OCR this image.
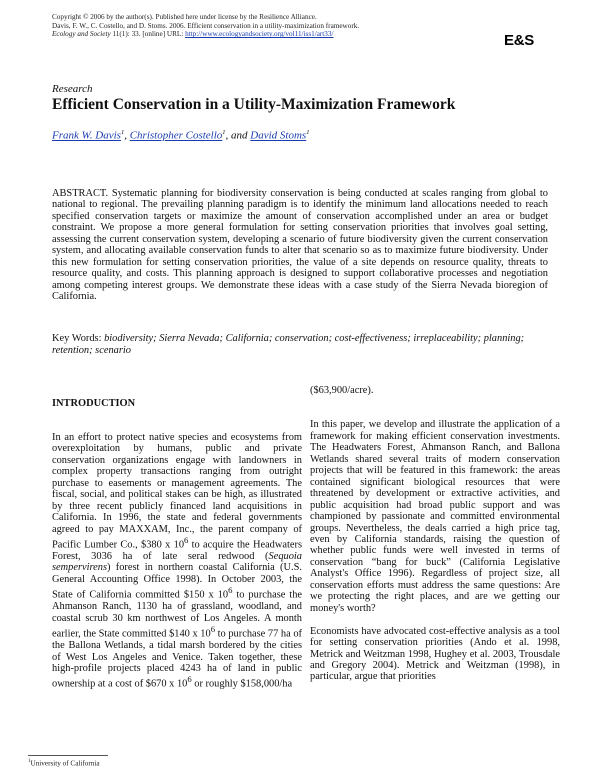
Copyright © 2006 by the author(s). Published here under license by the Resilience Alliance.
Davis, F. W., C. Costello, and D. Stoms. 2006. Efficient conservation in a utility-maximization framework.
Ecology and Society 11(1): 33. [online] URL: http://www.ecologyandsociety.org/vol11/iss1/art33/	E&S
Research
Efficient Conservation in a Utility-Maximization Framework
Frank W. Davis$^1$, Christopher Costello$^1$, and David Stoms$^1$
ABSTRACT. Systematic planning for biodiversity conservation is being conducted at scales ranging from global to national to regional. The prevailing planning paradigm is to identify the minimum land allocations needed to reach specified conservation targets or maximize the amount of conservation accomplished under an area or budget constraint. We propose a more general formulation for setting conservation priorities that involves goal setting, assessing the current conservation system, developing a scenario of future biodiversity given the current conservation system, and allocating available conservation funds to alter that scenario so as to maximize future biodiversity. Under this new formulation for setting conservation priorities, the value of a site depends on resource quality, threats to resource quality, and costs. This planning approach is designed to support collaborative processes and negotiation among competing interest groups. We demonstrate these ideas with a case study of the Sierra Nevada bioregion of California.
Key Words: biodiversity; Sierra Nevada; California; conservation; cost-effectiveness; irreplaceability; planning; retention; scenario
INTRODUCTION

In an effort to protect native species and ecosystems from overexploitation by humans, public and private conservation organizations engage with landowners in complex property transactions ranging from outright purchase to easements or management agreements. The fiscal, social, and political stakes can be high, as illustrated by three recent publicly financed land acquisitions in California. In 1996, the state and federal governments agreed to pay MAXXAM, Inc., the parent company of Pacific Lumber Co., $380 x $10^6$ to acquire the Headwaters Forest, 3036 ha of late seral redwood (Sequoia sempervirens) forest in northern coastal California (U.S. General Accounting Office 1998). In October 2003, the State of California committed $150 x $10^6$ to purchase the Ahmanson Ranch, 1130 ha of grassland, woodland, and coastal scrub 30 km northwest of Los Angeles. A month earlier, the State committed $140 x $10^6$ to purchase 77 ha of the Ballona Wetlands, a tidal marsh bordered by the cities of West Los Angeles and Venice. Taken together, these high-profile projects placed 4243 ha of land in public ownership at a cost of $670 x $10^6$ or roughly $158,000/ha

($63,900/acre).

In this paper, we develop and illustrate the application of a framework for making efficient conservation investments. The Headwaters Forest, Ahmanson Ranch, and Ballona Wetlands shared several traits of modern conservation projects that will be featured in this framework: the areas contained significant biological resources that were threatened by development or extractive activities, and public acquisition had broad public support and was championed by passionate and committed environmental groups. Nevertheless, the deals carried a high price tag, even by California standards, raising the question of whether public funds were well invested in terms of conservation “bang for buck” (California Legislative Analyst's Office 1996). Regardless of project size, all conservation efforts must address the same questions: Are we protecting the right places, and are we getting our money's worth?

Economists have advocated cost-effective analysis as a tool for setting conservation priorities (Ando et al. 1998, Metrick and Weitzman 1998, Hughey et al. 2003, Trousdale and Gregory 2004). Metrick and Weitzman (1998), in particular, argue that priorities

$^1$University of California
